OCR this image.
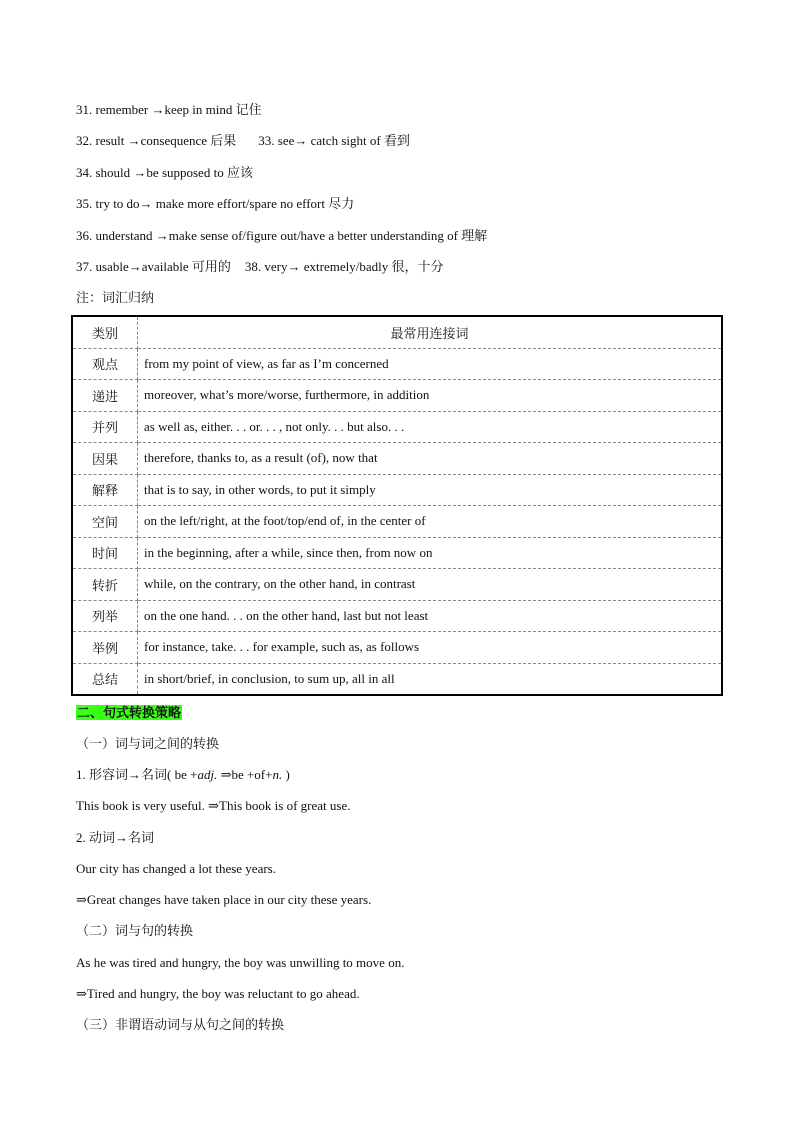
31. remember →keep in mind 记住
32. result →consequence 后果 33. see→ catch sight of 看到
34. should →be supposed to 应该
35. try to do→ make more effort/spare no effort 尽力
36. understand →make sense of/figure out/have a better understanding of 理解
37. usable→available 可用的 38. very→ extremely/badly 很，十分
注：词汇归纳
类别	最常用连接词
观点	from my point of view, as far as I’m concerned
递进	moreover, what’s more/worse, furthermore, in addition
并列	as well as, either. . . or. . . , not only. . . but also. . .
因果	therefore, thanks to, as a result (of), now that
解释	that is to say, in other words, to put it simply
空间	on the left/right, at the foot/top/end of, in the center of
时间	in the beginning, after a while, since then, from now on
转折	while, on the contrary, on the other hand, in contrast
列举	on the one hand. . . on the other hand, last but not least
举例	for instance, take. . . for example, such as, as follows
总结	in short/brief, in conclusion, to sum up, all in all
二、句式转换策略
（一）词与词之间的转换
1. 形容词→名词( be +adj. ⇒be +of+n. )
This book is very useful. ⇒This book is of great use.
2. 动词→名词
Our city has changed a lot these years.
⇒Great changes have taken place in our city these years.
（二）词与句的转换
As he was tired and hungry, the boy was unwilling to move on.
⇒Tired and hungry, the boy was reluctant to go ahead.
（三）非谓语动词与从句之间的转换
